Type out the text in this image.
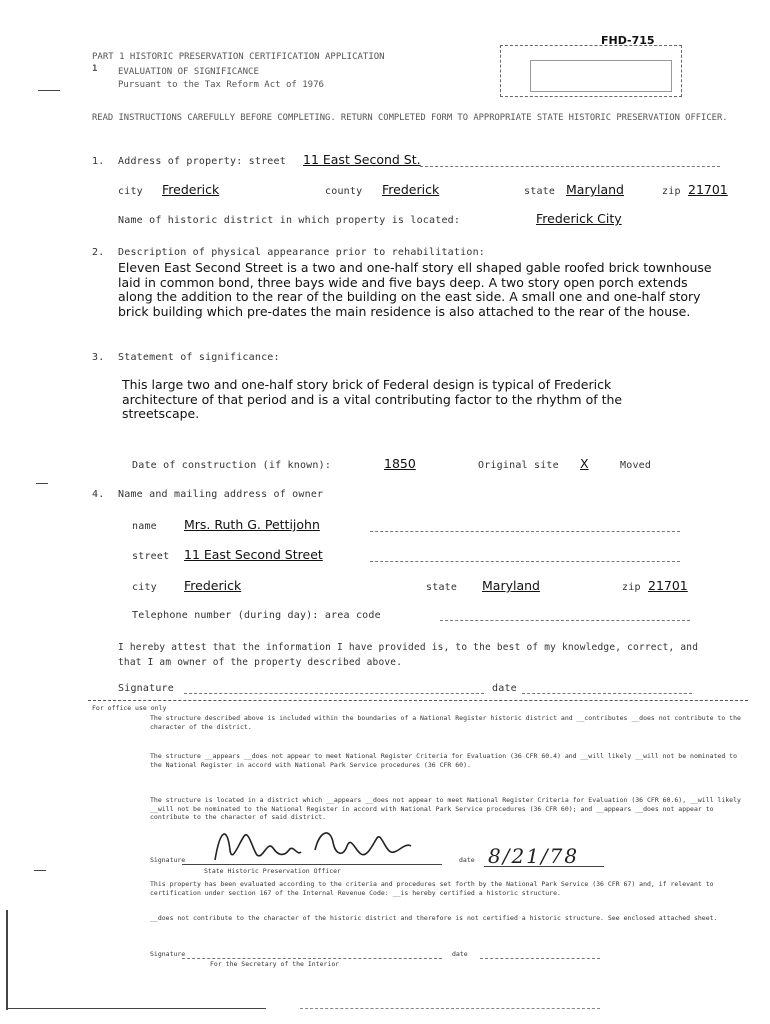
FHD-715
PART 1 HISTORIC PRESERVATION CERTIFICATION APPLICATION
1 EVALUATION OF SIGNIFICANCE
Pursuant to the Tax Reform Act of 1976
READ INSTRUCTIONS CAREFULLY BEFORE COMPLETING. RETURN COMPLETED FORM TO APPROPRIATE STATE HISTORIC PRESERVATION OFFICER.
1. Address of property: street 11 East Second St.
city Frederick	county Frederick	state Maryland	zip 21701
Name of historic district in which property is located:	Frederick City
2. Description of physical appearance prior to rehabilitation:
Eleven East Second Street is a two and one-half story ell shaped gable roofed brick townhouse laid in common bond, three bays wide and five bays deep. A two story open porch extends along the addition to the rear of the building on the east side. A small one and one-half story brick building which pre-dates the main residence is also attached to the rear of the house.
3. Statement of significance:
This large two and one-half story brick of Federal design is typical of Frederick architecture of that period and is a vital contributing factor to the rhythm of the streetscape.
Date of construction (if known):	1850	Original site X	Moved
4. Name and mailing address of owner
name Mrs. Ruth G. Pettijohn
street 11 East Second Street
city Frederick	state Maryland	zip 21701
Telephone number (during day): area code
I hereby attest that the information I have provided is, to the best of my knowledge, correct, and that I am owner of the property described above.
Signature	date
For office use only
The structure described above is included within the boundaries of a National Register historic district and __contributes __does not contribute to the character of the district.
The structure __appears __does not appear to meet National Register Criteria for Evaluation (36 CFR 60.4) and __will likely __will not be nominated to the National Register in accord with National Park Service procedures (36 CFR 60).
The structure is located in a district which __appears __does not appear to meet National Register Criteria for Evaluation (36 CFR 60.6), __will likely __will not be nominated to the National Register in accord with National Park Service procedures (36 CFR 60); and __appears __does not appear to contribute to the character of said district.
Signature
State Historic Preservation Officer
date 8/21/78
This property has been evaluated according to the criteria and procedures set forth by the National Park Service (36 CFR 67) and, if relevant to certification under section 167 of the Internal Revenue Code: __is hereby certified a historic structure.
__does not contribute to the character of the historic district and therefore is not certified a historic structure. See enclosed attached sheet.
Signature
For the Secretary of the Interior
date
